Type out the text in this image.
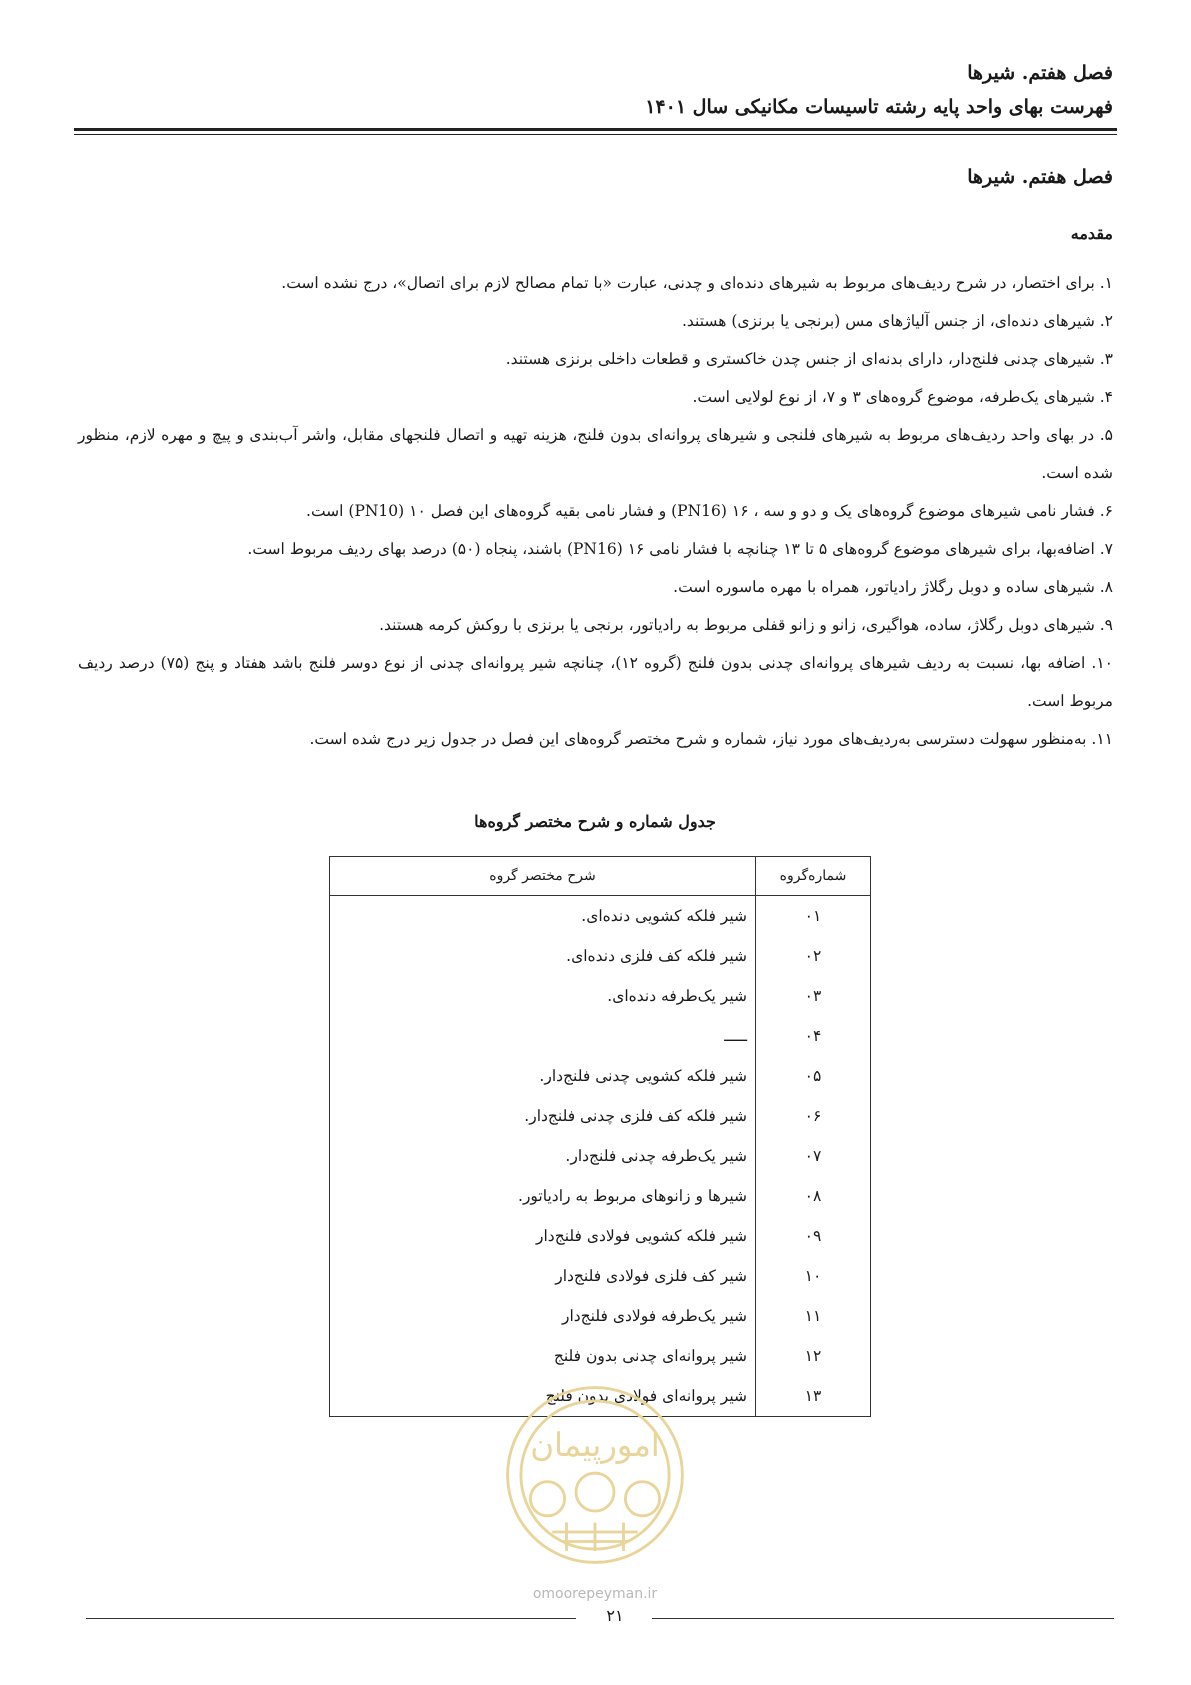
فصل هفتم. شیرها
فهرست بهای واحد پایه رشته تاسیسات مکانیکی سال ۱۴۰۱
فصل هفتم. شیرها
مقدمه

۱. برای اختصار، در شرح ردیف‌های مربوط به شیرهای دنده‌ای و چدنی، عبارت «با تمام مصالح لازم برای اتصال»، درج نشده است.

۲. شیرهای دنده‌ای، از جنس آلیاژهای مس (برنجی یا برنزی) هستند.

۳. شیرهای چدنی فلنج‌دار، دارای بدنه‌ای از جنس چدن خاکستری و قطعات داخلی برنزی هستند.

۴. شیرهای یک‌طرفه، موضوع گروه‌های ۳ و ۷، از نوع لولایی است.

۵. در بهای واحد ردیف‌های مربوط به شیرهای فلنجی و شیرهای پروانه‌ای بدون فلنج، هزینه تهیه و اتصال فلنجهای مقابل، واشر آب‌بندی و پیچ و مهره لازم، منظور شده است.

۶. فشار نامی شیرهای موضوع گروه‌های یک و دو و سه ، ۱۶ (PN16) و فشار نامی بقیه گروه‌های این فصل ۱۰ (PN10) است.

۷. اضافه‌بها، برای شیرهای موضوع گروه‌های ۵ تا ۱۳ چنانچه با فشار نامی ۱۶ (PN16) باشند، پنجاه (۵۰) درصد بهای ردیف مربوط است.

۸. شیرهای ساده و دوبل رگلاژ رادیاتور، همراه با مهره ماسوره است.

۹. شیرهای دوبل رگلاژ، ساده، هواگیری، زانو و زانو قفلی مربوط به رادیاتور، برنجی یا برنزی با روکش کرمه هستند.

۱۰. اضافه بها، نسبت به ردیف شیرهای پروانه‌ای چدنی بدون فلنج (گروه ۱۲)، چنانچه شیر پروانه‌ای چدنی از نوع دوسر فلنج باشد هفتاد و پنج (۷۵) درصد ردیف مربوط است.

۱۱. به‌منظور سهولت دسترسی به‌ردیف‌های مورد نیاز، شماره و شرح مختصر گروه‌های این فصل در جدول زیر درج شده است.

جدول شماره و شرح مختصر گروه‌ها
شماره‌گروه	شرح مختصر گروه
۰۱	شیر فلکه کشویی دنده‌ای.
۰۲	شیر فلکه کف فلزی دنده‌ای.
۰۳	شیر یک‌طرفه دنده‌ای.
۰۴	ـــــ
۰۵	شیر فلکه کشویی چدنی فلنج‌دار.
۰۶	شیر فلکه کف فلزی چدنی فلنج‌دار.
۰۷	شیر یک‌طرفه چدنی فلنج‌دار.
۰۸	شیرها و زانوهای مربوط به رادیاتور.
۰۹	شیر فلکه کشویی فولادی فلنج‌دار
۱۰	شیر کف فلزی فولادی فلنج‌دار
۱۱	شیر یک‌طرفه فولادی فلنج‌دار
۱۲	شیر پروانه‌ای چدنی بدون فلنج
۱۳	شیر پروانه‌ای فولادی بدون فلنج
امورپیمان
omoorepeyman.ir
۲۱
